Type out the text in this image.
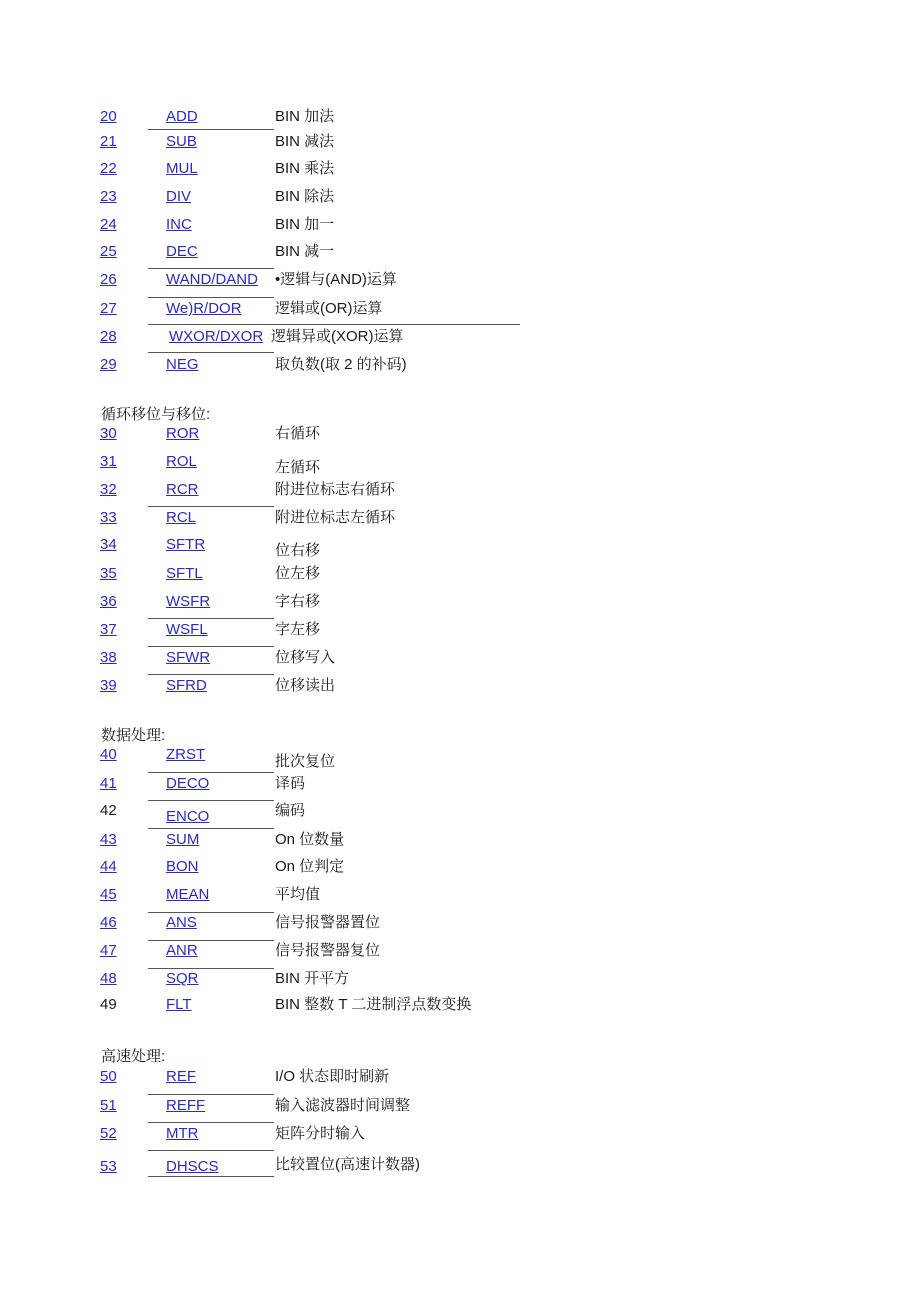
20	ADD	BIN 加法
21	SUB	BIN 减法
22	MUL	BIN 乘法
23	DIV	BIN 除法
24	INC	BIN 加一
25	DEC	BIN 减一
26	WAND/DAND •逻辑与(AND)运算
27	We)R/DOR 逻辑或(OR)运算
28	WXOR/DXOR 逻辑异或(XOR)运算
29	NEG	取负数(取 2 的补码)
循环移位与移位:
30	ROR	右循环
31	ROL	左循环
32	RCR	附进位标志右循环
33	RCL	附进位标志左循环
34	SFTR	位右移
35	SFTL	位左移
36	WSFR	字右移
37	WSFL	字左移
38	SFWR	位移写入
39	SFRD	位移读出
数据处理:
40	ZRST	批次复位
41	DECO	译码
42	ENCO	编码
43	SUM	On 位数量
44	BON	On 位判定
45	MEAN	平均值
46	ANS	信号报警器置位
47	ANR	信号报警器复位
48	SQR	BIN 开平方
49	FLT	BIN 整数 T 二进制浮点数变换
高速处理:
50	REF	I/O 状态即时刷新
51	REFF	输入滤波器时间调整
52	MTR	矩阵分时输入
53	DHSCS	比较置位(高速计数器)
